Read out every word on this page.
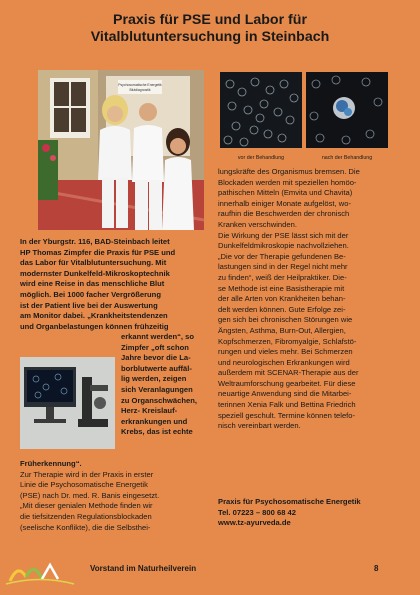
Praxis für PSE und Labor für
Vitalblutuntersuchung in Steinbach
Psychosomatische Energetik
Blutdiagnostik
vor der Behandlung	nach der Behandlung
In der Yburgstr. 116, BAD-Steinbach leitet
HP Thomas Zimpfer die Praxis für PSE und
das Labor für Vitalblutuntersuchung. Mit
modernster Dunkelfeld-Mikroskoptechnik
wird eine Reise in das menschliche Blut
möglich. Bei 1000 facher Vergrößerung
ist der Patient live bei der Auswertung
am Monitor dabei. „Krankheitstendenzen
und Organbelastungen können frühzeitig
erkannt werden“, so
Zimpfer „oft schon
Jahre bevor die La-
borblutwerte auffäl-
lig werden, zeigen
sich Veranlagungen
zu Organschwächen,
Herz- Kreislauf-
erkrankungen und
Krebs, das ist echte
Früherkennung“.
Zur Therapie wird in der Praxis in erster
Linie die Psychosomatische Energetik
(PSE) nach Dr. med. R. Banis eingesetzt.
„Mit dieser genialen Methode finden wir
die tiefsitzenden Regulationsblockaden
(seelische Konflikte), die die Selbsthei-
lungskräfte des Organismus bremsen. Die
Blockaden werden mit speziellen homöo-
pathischen Mitteln (Emvita und Chavita)
innerhalb einiger Monate aufgelöst, wo-
raufhin die Beschwerden der chronisch
Kranken verschwinden.
Die Wirkung der PSE lässt sich mit der
Dunkelfeldmikroskopie nachvollziehen.
„Die vor der Therapie gefundenen Be-
lastungen sind in der Regel nicht mehr
zu finden“, weiß der Heilpraktiker. Die-
se Methode ist eine Basistherapie mit
der alle Arten von Krankheiten behan-
delt werden können. Gute Erfolge zei-
gen sich bei chronischen Störungen wie
Ängsten, Asthma, Burn-Out, Allergien,
Kopfschmerzen, Fibromyalgie, Schlafstö-
rungen und vieles mehr. Bei Schmerzen
und neurologischen Erkrankungen wird
außerdem mit SCENAR-Therapie aus der
Weltraumforschung gearbeitet. Für diese
neuartige Anwendung sind die Mitarbei-
terinnen Xenia Falk und Bettina Friedrich
speziell geschult. Termine können telefo-
nisch vereinbart werden.
Praxis für Psychosomatische Energetik
Tel. 07223 – 800 68 42
www.tz-ayurveda.de
Vorstand im Naturheilverein	8
